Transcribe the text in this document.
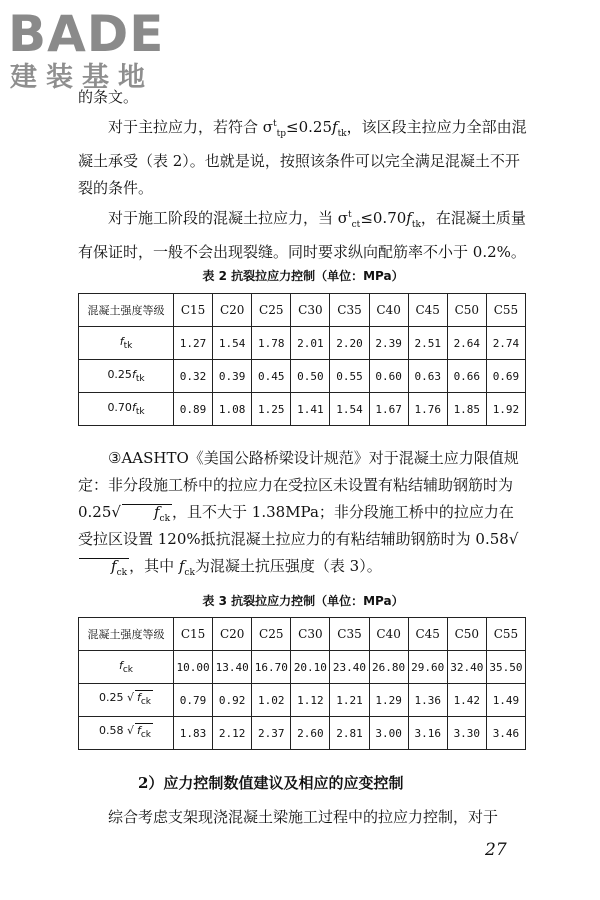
BADE
建装基地

的条文。

对于主拉应力，若符合 $\sigma^t_{tp}\le 0.25f_{tk}$，该区段主拉应力全部由混凝土承受（表 2）。也就是说，按照该条件可以完全满足混凝土不开裂的条件。

对于施工阶段的混凝土拉应力，当 $\sigma^t_{ct}\le 0.70f_{tk}$，在混凝土质量有保证时，一般不会出现裂缝。同时要求纵向配筋率不小于 0.2%。

表 2 抗裂拉应力控制（单位：MPa）
混凝土强度等级	C15	C20	C25	C30	C35	C40	C45	C50	C55
$f_{tk}$	1.27	1.54	1.78	2.01	2.20	2.39	2.51	2.64	2.74
$0.25f_{tk}$	0.32	0.39	0.45	0.50	0.55	0.60	0.63	0.66	0.69
$0.70f_{tk}$	0.89	1.08	1.25	1.41	1.54	1.67	1.76	1.85	1.92

③AASHTO《美国公路桥梁设计规范》对于混凝土应力限值规定：非分段施工桥中的拉应力在受拉区未设置有粘结辅助钢筋时为 0.25√ $f_{ck}$ ，且不大于 1.38MPa；非分段施工桥中的拉应力在受拉区设置 120%抵抗混凝土拉应力的有粘结辅助钢筋时为 $0.58√f_{ck}$ ，其中 $f_{ck}$为混凝土抗压强度（表 3）。

表 3 抗裂拉应力控制（单位：MPa）
混凝土强度等级	C15	C20	C25	C30	C35	C40	C45	C50	C55
$f_{ck}$	10.00	13.40	16.70	20.10	23.40	26.80	29.60	32.40	35.50
0.25 √ $f_{ck}$	0.79	0.92	1.02	1.12	1.21	1.29	1.36	1.42	1.49
0.58 √ $f_{ck}$	1.83	2.12	2.37	2.60	2.81	3.00	3.16	3.30	3.46
2）应力控制数值建议及相应的应变控制
综合考虑支架现浇混凝土梁施工过程中的拉应力控制，对于
27
